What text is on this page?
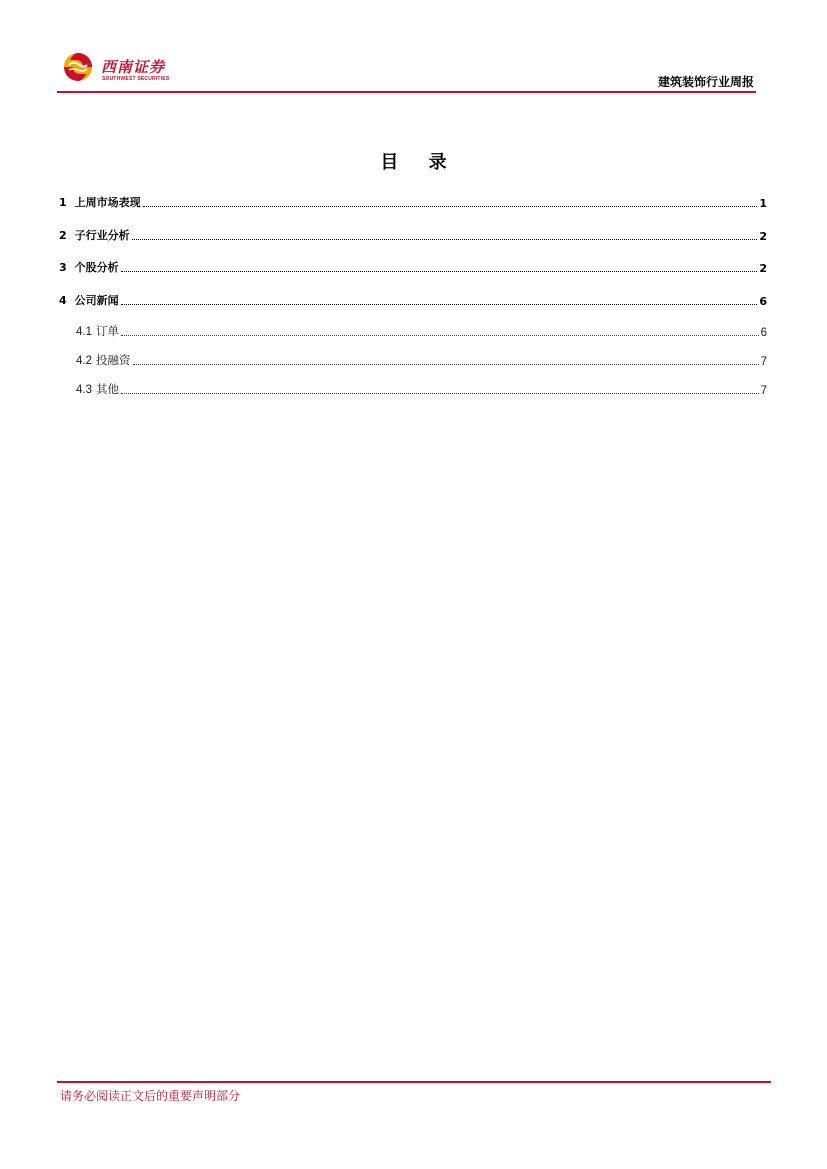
西南证券
SOUTHWEST SECURITIES	建筑装饰行业周报
目 录
1 上周市场表现	1
2 子行业分析	2
3 个股分析	2
4 公司新闻	6
4.1 订单	6
4.2 投融资	7
4.3 其他	7
请务必阅读正文后的重要声明部分
